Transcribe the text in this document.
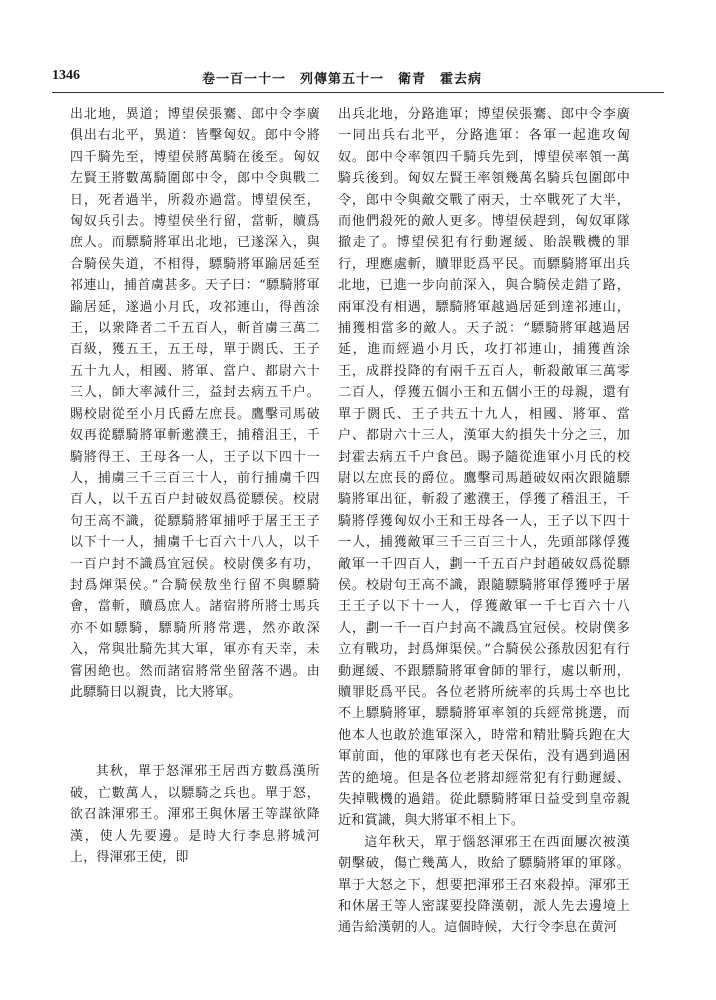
1346	卷一百一十一　列傳第五十一　衛青　霍去病

出北地，異道；博望侯張騫、郎中令李廣俱出右北平，異道：皆擊匈奴。郎中令將四千騎先至，博望侯將萬騎在後至。匈奴左賢王將數萬騎圍郎中令，郎中令與戰二日，死者過半，所殺亦過當。博望侯至，匈奴兵引去。博望侯坐行留，當斬，贖爲庶人。而驃騎將軍出北地，已遂深入，與合騎侯失道，不相得，驃騎將軍踰居延至祁連山，捕首虜甚多。天子曰：“驃騎將軍踰居延，遂過小月氏，攻祁連山，得酋涂王，以衆降者二千五百人，斬首虜三萬二百級，獲五王，五王母，單于閼氏、王子五十九人，相國、將軍、當户、都尉六十三人，師大率減什三，益封去病五千户。賜校尉從至小月氏爵左庶長。鷹擊司馬破奴再從驃騎將軍斬遬濮王，捕稽沮王，千騎將得王、王母各一人，王子以下四十一人，捕虜三千三百三十人，前行捕虜千四百人，以千五百户封破奴爲從驃侯。校尉句王高不識，從驃騎將軍捕呼于屠王王子以下十一人，捕虜千七百六十八人，以千一百户封不識爲宜冠侯。校尉僕多有功，封爲煇渠侯。”合騎侯敖坐行留不與驃騎會，當斬，贖爲庶人。諸宿將所將士馬兵亦不如驃騎，驃騎所將常選，然亦敢深入，常與壯騎先其大軍，軍亦有天幸，未嘗困絶也。然而諸宿將常坐留落不遇。由此驃騎日以親貴，比大將軍。

其秋，單于怒渾邪王居西方數爲漢所破，亡數萬人，以驃騎之兵也。單于怒，欲召誅渾邪王。渾邪王與休屠王等謀欲降漢，使人先要邊。是時大行李息將城河上，得渾邪王使，即

出兵北地，分路進軍；博望侯張騫、郎中令李廣一同出兵右北平，分路進軍：各軍一起進攻匈奴。郎中令率領四千騎兵先到，博望侯率領一萬騎兵後到。匈奴左賢王率領幾萬名騎兵包圍郎中令，郎中令與敵交戰了兩天，士卒戰死了大半，而他們殺死的敵人更多。博望侯趕到，匈奴軍隊撤走了。博望侯犯有行動遲緩、貽誤戰機的罪行，理應處斬，贖罪貶爲平民。而驃騎將軍出兵北地，已進一步向前深入，與合騎侯走錯了路，兩軍没有相遇，驃騎將軍越過居延到達祁連山，捕獲相當多的敵人。天子説：“驃騎將軍越過居延，進而經過小月氏，攻打祁連山，捕獲酋涂王，成群投降的有兩千五百人，斬殺敵軍三萬零二百人，俘獲五個小王和五個小王的母親，還有單于閼氏、王子共五十九人，相國、將軍、當户、都尉六十三人，漢軍大約損失十分之三，加封霍去病五千户食邑。賜予隨從進軍小月氏的校尉以左庶長的爵位。鷹擊司馬趙破奴兩次跟隨驃騎將軍出征，斬殺了遬濮王，俘獲了稽沮王，千騎將俘獲匈奴小王和王母各一人，王子以下四十一人，捕獲敵軍三千三百三十人，先頭部隊俘獲敵軍一千四百人，劃一千五百户封趙破奴爲從驃侯。校尉句王高不識，跟隨驃騎將軍俘獲呼于屠王王子以下十一人，俘獲敵軍一千七百六十八人，劃一千一百户封高不識爲宜冠侯。校尉僕多立有戰功，封爲煇渠侯。”合騎侯公孫敖因犯有行動遲緩、不跟驃騎將軍會師的罪行，處以斬刑，贖罪貶爲平民。各位老將所統率的兵馬士卒也比不上驃騎將軍，驃騎將軍率領的兵經常挑選，而他本人也敢於進軍深入，時常和精壯騎兵跑在大軍前面，他的軍隊也有老天保佑，没有遇到過困苦的絶境。但是各位老將却經常犯有行動遲緩、失掉戰機的過錯。從此驃騎將軍日益受到皇帝親近和賞識，與大將軍不相上下。

這年秋天，單于惱怒渾邪王在西面屢次被漢朝擊破，傷亡幾萬人，敗給了驃騎將軍的軍隊。單于大怒之下，想要把渾邪王召來殺掉。渾邪王和休屠王等人密謀要投降漢朝，派人先去邊境上通告給漢朝的人。這個時候，大行令李息在黄河
